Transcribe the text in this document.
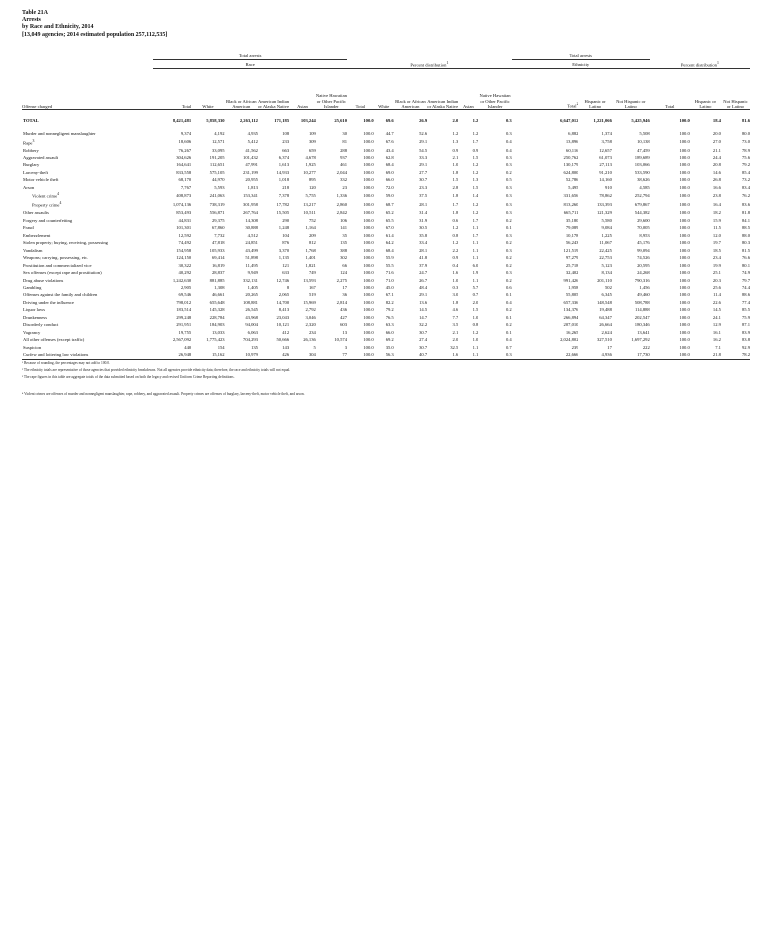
Table 21A
Arrests
by Race and Ethnicity, 2014
[13,049 agencies; 2014 estimated population 257,112,535]
	Total arrests												Total arrests					
	Race						Percent distribution$^1$						Ethnicity			Percent distribution$^1$
Offense charged	Total	White	Black or African American	American Indian or Alaska Native	Asian	Native Hawaiian or Other Pacific Islander	Total	White	Black or African American	American Indian or Alaska Native	Asian	Native Hawaiian or Other Pacific Islander	Total$^2$	Hispanic or Latino	Not Hispanic or Latino	Total	Hispanic or Latino	Not Hispanic or Latino
TOTAL	8,421,481	5,858,330	2,263,112	171,185	103,244	25,610	100.0	69.6	26.9	2.0	1.2	0.3	6,647,012	1,221,066	5,425,946	100.0	18.4	81.6
Murder and nonnegligent manslaughter	9,374	4,192	4,935	108	109	30	100.0	44.7	52.6	1.2	1.2	0.3	6,882	1,374	5,508	100.0	20.0	80.0
Rape$^3$	18,606	12,571	5,412	233	309	81	100.0	67.6	29.1	1.3	1.7	0.4	13,896	3,758	10,138	100.0	27.0	73.0
Robbery	76,267	33,095	41,562	663	659	288	100.0	43.4	54.5	0.9	0.9	0.4	60,116	12,657	47,459	100.0	21.1	78.9
Aggravated assault	304,626	191,205	101,432	6,374	4,678	937	100.0	62.8	33.3	2.1	1.5	0.3	250,762	61,073	189,689	100.0	24.4	75.6
Burglary	164,641	112,651	47,991	1,613	1,925	461	100.0	68.4	29.1	1.0	1.2	0.3	130,179	27,113	103,066	100.0	20.8	79.2
Larceny-theft	833,558	575,105	231,199	14,933	10,277	2,044	100.0	69.0	27.7	1.8	1.2	0.2	624,800	91,210	533,590	100.0	14.6	85.4
Motor vehicle theft	68,170	44,970	20,955	1,018	895	332	100.0	66.0	30.7	1.5	1.3	0.5	52,786	14,160	38,626	100.0	26.8	73.2
Arson	7,767	5,593	1,813	218	120	23	100.0	72.0	23.3	2.8	1.5	0.3	5,495	910	4,585	100.0	16.6	83.4
Violent crime$^4$	408,873	241,063	153,341	7,378	5,755	1,336	100.0	59.0	37.5	1.8	1.4	0.3	331,656	78,862	252,794	100.0	23.8	76.2
Property crime$^4$	1,074,136	738,319	301,958	17,782	13,217	2,860	100.0	68.7	28.1	1.7	1.2	0.3	813,260	133,393	679,867	100.0	16.4	83.6
Other assaults	853,493	556,871	267,764	15,505	10,511	2,842	100.0	65.2	31.4	1.8	1.2	0.3	665,711	121,329	544,382	100.0	18.2	81.8
Forgery and counterfeiting	44,831	29,375	14,308	290	752	106	100.0	65.5	31.9	0.6	1.7	0.2	35,180	5,580	29,600	100.0	15.9	84.1
Fraud	101,301	67,860	30,888	1,248	1,164	141	100.0	67.0	30.5	1.2	1.1	0.1	79,089	9,084	70,005	100.0	11.5	88.5
Embezzlement	12,592	7,732	4,512	104	209	35	100.0	61.4	35.8	0.8	1.7	0.3	10,178	1,225	8,953	100.0	12.0	88.0
Stolen property; buying, receiving, possessing	74,492	47,818	24,851	876	812	135	100.0	64.2	33.4	1.2	1.1	0.2	56,243	11,067	45,176	100.0	19.7	80.3
Vandalism	154,958	105,933	43,499	3,370	1,768	388	100.0	68.4	28.1	2.2	1.1	0.3	121,519	22,425	99,094	100.0	18.5	81.5
Weapons; carrying, possessing, etc.	124,150	69,414	51,898	1,135	1,401	302	100.0	55.9	41.8	0.9	1.1	0.2	97,279	22,753	74,526	100.0	23.4	76.6
Prostitution and commercialized vice	30,322	16,819	11,495	121	1,821	66	100.0	55.5	37.9	0.4	6.0	0.2	25,718	5,123	20,595	100.0	19.9	80.1
Sex offenses (except rape and prostitution)	40,292	28,837	9,949	633	749	124	100.0	71.6	24.7	1.6	1.9	0.3	32,402	8,134	24,268	100.0	25.1	74.9
Drug abuse violations	1,242,630	881,885	332,131	12,746	13,593	2,275	100.0	71.0	26.7	1.0	1.1	0.2	991,426	201,110	790,316	100.0	20.3	79.7
Gambling	2,905	1,308	1,405	8	167	17	100.0	45.0	48.4	0.3	5.7	0.6	1,958	502	1,456	100.0	25.6	74.4
Offenses against the family and children	69,546	46,661	20,265	2,065	519	36	100.0	67.1	29.1	3.0	0.7	0.1	55,805	6,345	49,460	100.0	11.4	88.6
Driving under the influence	798,012	655,648	108,881	14,700	15,969	2,814	100.0	82.2	13.6	1.8	2.0	0.4	657,336	148,548	508,788	100.0	22.6	77.4
Liquor laws	183,514	145,328	26,545	8,413	2,792	436	100.0	79.2	14.5	4.6	1.5	0.2	134,376	19,488	114,888	100.0	14.5	85.5
Drunkenness	299,248	228,784	43,968	23,043	3,046	427	100.0	76.5	14.7	7.7	1.0	0.1	266,894	64,347	202,547	100.0	24.1	75.9
Disorderly conduct	291,951	184,903	94,004	10,121	2,320	603	100.0	63.3	32.2	3.5	0.8	0.2	207,010	26,664	180,346	100.0	12.9	87.1
Vagrancy	19,755	13,033	6,063	412	234	13	100.0	66.0	30.7	2.1	1.2	0.1	16,265	2,624	13,641	100.0	16.1	83.9
All other offenses (except traffic)	2,567,092	1,775,423	704,293	50,666	26,136	10,574	100.0	69.2	27.4	2.0	1.0	0.4	2,024,802	327,510	1,697,292	100.0	16.2	83.8
Suspicion	440	154	135	143	5	3	100.0	35.0	30.7	32.5	1.1	0.7	239	17	222	100.0	7.1	92.9
Curfew and loitering law violations	26,948	15,162	10,979	426	304	77	100.0	56.3	40.7	1.6	1.1	0.3	22,666	4,936	17,730	100.0	21.8	78.2
¹ Because of rounding, the percentages may not add to 100.0.
² The ethnicity totals are representative of those agencies that provided ethnicity breakdowns. Not all agencies provide ethnicity data; therefore, the race and ethnicity totals will not equal.
³ The rape figures in this table are aggregate totals of the data submitted based on both the legacy and revised Uniform Crime Reporting definitions.
⁴ Violent crimes are offenses of murder and nonnegligent manslaughter, rape, robbery, and aggravated assault. Property crimes are offenses of burglary, larceny-theft, motor vehicle theft, and arson.
